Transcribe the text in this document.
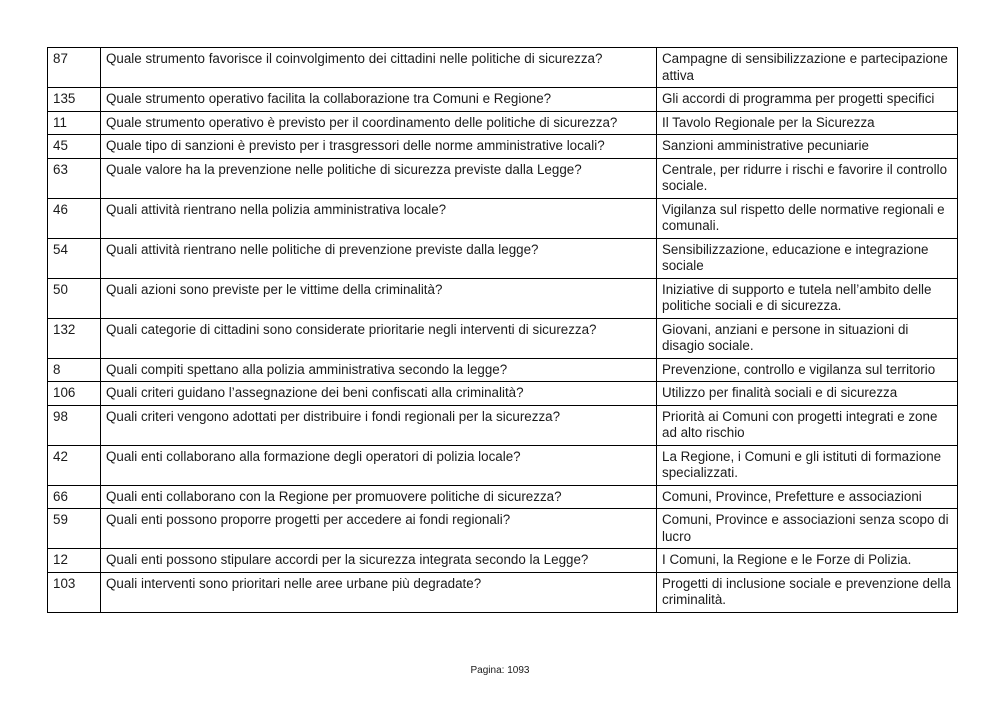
87	Quale strumento favorisce il coinvolgimento dei cittadini nelle politiche di sicurezza?	Campagne di sensibilizzazione e partecipazione attiva
135	Quale strumento operativo facilita la collaborazione tra Comuni e Regione?	Gli accordi di programma per progetti specifici
11	Quale strumento operativo è previsto per il coordinamento delle politiche di sicurezza?	Il Tavolo Regionale per la Sicurezza
45	Quale tipo di sanzioni è previsto per i trasgressori delle norme amministrative locali?	Sanzioni amministrative pecuniarie
63	Quale valore ha la prevenzione nelle politiche di sicurezza previste dalla Legge?	Centrale, per ridurre i rischi e favorire il controllo sociale.
46	Quali attività rientrano nella polizia amministrativa locale?	Vigilanza sul rispetto delle normative regionali e comunali.
54	Quali attività rientrano nelle politiche di prevenzione previste dalla legge?	Sensibilizzazione, educazione e integrazione sociale
50	Quali azioni sono previste per le vittime della criminalità?	Iniziative di supporto e tutela nell’ambito delle politiche sociali e di sicurezza.
132	Quali categorie di cittadini sono considerate prioritarie negli interventi di sicurezza?	Giovani, anziani e persone in situazioni di disagio sociale.
8	Quali compiti spettano alla polizia amministrativa secondo la legge?	Prevenzione, controllo e vigilanza sul territorio
106	Quali criteri guidano l’assegnazione dei beni confiscati alla criminalità?	Utilizzo per finalità sociali e di sicurezza
98	Quali criteri vengono adottati per distribuire i fondi regionali per la sicurezza?	Priorità ai Comuni con progetti integrati e zone ad alto rischio
42	Quali enti collaborano alla formazione degli operatori di polizia locale?	La Regione, i Comuni e gli istituti di formazione specializzati.
66	Quali enti collaborano con la Regione per promuovere politiche di sicurezza?	Comuni, Province, Prefetture e associazioni
59	Quali enti possono proporre progetti per accedere ai fondi regionali?	Comuni, Province e associazioni senza scopo di lucro
12	Quali enti possono stipulare accordi per la sicurezza integrata secondo la Legge?	I Comuni, la Regione e le Forze di Polizia.
103	Quali interventi sono prioritari nelle aree urbane più degradate?	Progetti di inclusione sociale e prevenzione della criminalità.
Pagina: 1093
